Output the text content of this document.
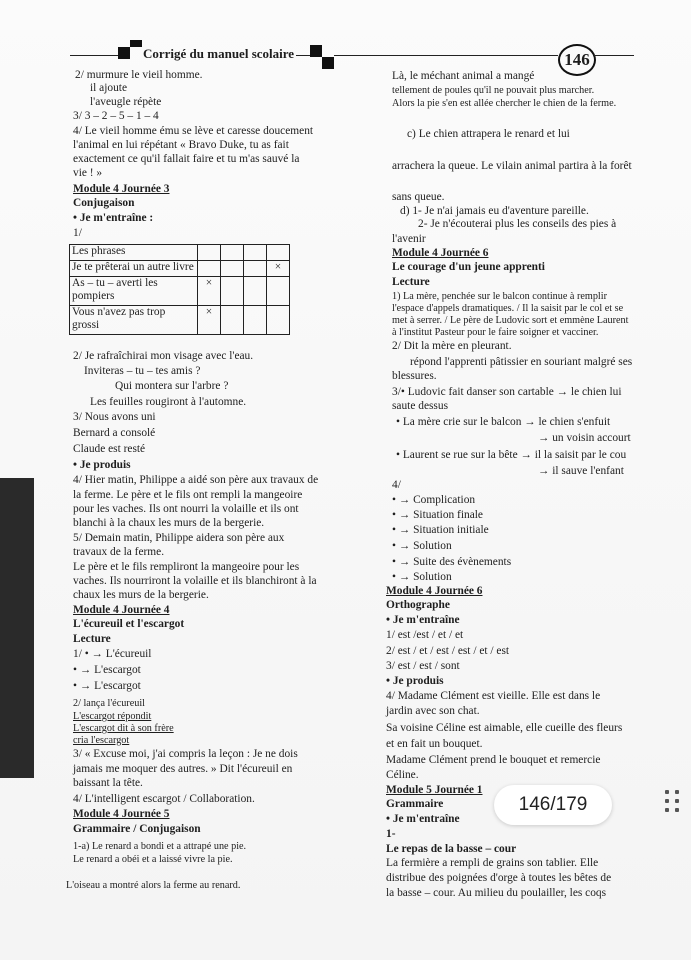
Corrigé du manuel scolaire	146
2/ murmure le vieil homme.
il ajoute
l'aveugle répète
3/ 3 – 2 – 5 – 1 – 4
4/ Le vieil homme ému se lève et caresse doucement
l'animal en lui répétant « Bravo Duke, tu as fait
exactement ce qu'il fallait faire et tu m'as sauvé la
vie ! »
Module 4 Journée 3
Conjugaison
• Je m'entraîne :
1/
Les phrases				
Je te prêterai un autre livre				×
As – tu – averti les pompiers	×			
Vous n'avez pas trop grossi	×			
2/ Je rafraîchirai mon visage avec l'eau.
Inviteras – tu – tes amis ?
Qui montera sur l'arbre ?
Les feuilles rougiront à l'automne.
3/ Nous avons uni
Bernard a consolé
Claude est resté
• Je produis
4/ Hier matin, Philippe a aidé son père aux travaux de
la ferme. Le père et le fils ont rempli la mangeoire
pour les vaches. Ils ont nourri la volaille et ils ont
blanchi à la chaux les murs de la bergerie.
5/ Demain matin, Philippe aidera son père aux
travaux de la ferme.
Le père et le fils rempliront la mangeoire pour les
vaches. Ils nourriront la volaille et ils blanchiront à la
chaux les murs de la bergerie.
Module 4 Journée 4
L'écureuil et l'escargot
Lecture
1/ • → L'écureuil
• → L'escargot
• → L'escargot
2/ lança l'écureuil
L'escargot répondit
L'escargot dit à son frère
cria l'escargot
3/ « Excuse moi, j'ai compris la leçon : Je ne dois
jamais me moquer des autres. » Dit l'écureuil en
baissant la tête.
4/ L'intelligent escargot / Collaboration.
Module 4 Journée 5
Grammaire / Conjugaison
1-a) Le renard a bondi et a attrapé une pie.
Le renard a obéi et a laissé vivre la pie.
L'oiseau a montré alors la ferme au renard.
Là, le méchant animal a mangé
tellement de poules qu'il ne pouvait plus marcher.
Alors la pie s'en est allée chercher le chien de la ferme.
c) Le chien attrapera le renard et lui
arrachera la queue. Le vilain animal partira à la forêt
sans queue.
d) 1- Je n'ai jamais eu d'aventure pareille.
2- Je n'écouterai plus les conseils des pies à
l'avenir
Module 4 Journée 6
Le courage d'un jeune apprenti
Lecture
1) La mère, penchée sur le balcon continue à remplir
l'espace d'appels dramatiques. / Il la saisit par le col et se
met à serrer. / Le père de Ludovic sort et emmène Laurent
à l'institut Pasteur pour le faire soigner et vacciner.
2/ Dit la mère en pleurant.
répond l'apprenti pâtissier en souriant malgré ses
blessures.
3/• Ludovic fait danser son cartable → le chien lui
saute dessus
• La mère crie sur le balcon → le chien s'enfuit
→ un voisin accourt
• Laurent se rue sur la bête → il la saisit par le cou
→ il sauve l'enfant
4/
• → Complication
• → Situation finale
• → Situation initiale
• → Solution
• → Suite des évènements
• → Solution
Module 4 Journée 6
Orthographe
• Je m'entraîne
1/ est /est / et / et
2/ est / et / est / est / et / est
3/ est / est / sont
• Je produis
4/ Madame Clément est vieille. Elle est dans le
jardin avec son chat.
Sa voisine Céline est aimable, elle cueille des fleurs
et en fait un bouquet.
Madame Clément prend le bouquet et remercie
Céline.
Module 5 Journée 1
Grammaire
• Je m'entraîne
1-
Le repas de la basse – cour
La fermière a rempli de grains son tablier. Elle
distribue des poignées d'orge à toutes les bêtes de
la basse – cour. Au milieu du poulailler, les coqs
146/179
